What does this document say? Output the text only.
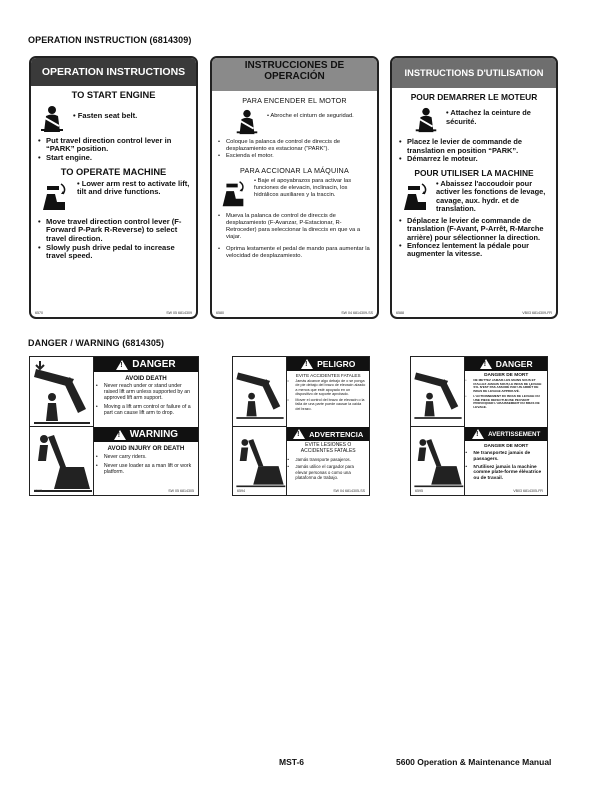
OPERATION INSTRUCTION (6814309)
OPERATION INSTRUCTIONS
TO START ENGINE
• Fasten seat belt.
• Put travel direction control lever in “PARK” position.
• Start engine.
TO OPERATE MACHINE
• Lower arm rest to activate lift, tilt and drive functions.
• Move travel direction control lever (F-Forward P-Park R-Reverse) to select travel direction.
• Slowly push drive pedal to increase travel speed.
6570	SW 05 6814309
INSTRUCCIONES DE OPERACIÓN
PARA ENCENDER EL MOTOR
• Abroche el cinturn de seguridad.
• Coloque la palanca de control de direccis de desplazamiento es estacionar (“PARK”).
• Esciendа el motor.
PARA ACCIONAR LA MÁQUINA
• Baje el apoyabrazos para activar las funciones de elevacin, inclinacin, los hidrálicos auxiliares y la traccin.
• Mueva la palanca de control de direccis de desplazamiesto (F-Avanzar, P-Estacionar, R-Retroceder) para seleccionar la direccis en que va a viajar.
• Oprima lestamente el pedal de mando para aumentar la velocidad de desplazamiesto.
6580	SW 04 6814309-SS
INSTRUCTIONS D'UTILISATION
POUR DEMARRER LE MOTEUR
• Attachez la ceinture de sécurité.
• Placez le levier de commande de translation en position “PARK”.
• Démarrez le moteur.
POUR UTILISER LA MACHINE
• Abaissez l'accoudoir pour activer les fonctions de levage, cavage, aux. hydr. et de translation.
• Déplacez le levier de commande de translation (F-Avant, P-Arrêt, R-Marche arrière) pour sélectionner la direction.
• Enfoncez lentement la pédale pour augmenter la vitesse.
6588	VB03 6814309-FR
DANGER / WARNING (6814305)
!
DANGER
AVOID DEATH
• Never reach under or stand under raised lift arm unless supported by an approved lift arm support.
• Moving a lift arm control or failure of a part can cause lift arm to drop.
!
WARNING
AVOID INJURY OR DEATH
• Never carry riders.
• Never use loader as a man lift or work platform.
6593	SW 05 6814305
!
PELIGRO
EVITE ACCIDENTES FATALES
• Jamás alcance algo debajo de o se ponga de pie debajo del brazo de elevacin alzado a menos que esté apoyado en un dispositivo de soporte aprobado.
• Mover el control del brazo de elevacin o la falla de una parte puede causar la caída del brazo.
!
ADVERTENCIA
EVITE LESIONES O ACCIDENTES FATALES
• Jamás transporte pasajeros.
• Jamás utilice el cargador para elevar personas o como una plataforma de trabajo.
6594	SW 04 6814305-SS
!
DANGER
DANGER DE MORT
• NE METTEZ JAMAIS LES MAINS SOUS ET N'ALLEZ JAMAIS SOUS LE BRAS DE LEVAGE S'IL N'EST PAS ASSURÉ PAR UN ARRÊT DE BRAS DE LEVAGE APPROUVÉ.
• L'ACTIONNEMENT DU BRAS DE LEVAGE OU UNE PIECE DEFECTUEUSE PEUVENT PROVOQUER L'ABAISSEMENT DU BRAS DE LEVAGE.
!
AVERTISSEMENT
DANGER DE MORT
• Ne transportez jamais de passagers.
• N'utilisez jamais la machine comme plate-forme élévatrice ou de travail.
6595	VB03 6814305-FR
MST-6	5600 Operation & Maintenance Manual
